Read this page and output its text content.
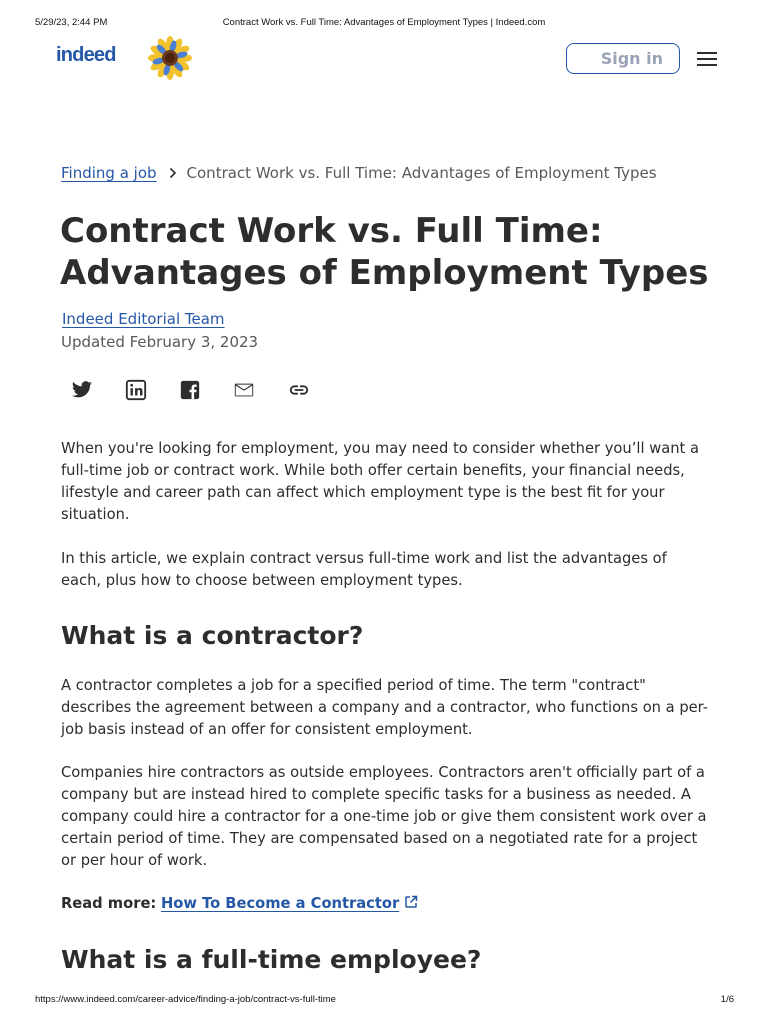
5/29/23, 2:44 PM	Contract Work vs. Full Time: Advantages of Employment Types | Indeed.com
indeed	Sign in
Finding a job Contract Work vs. Full Time: Advantages of Employment Types
Contract Work vs. Full Time: Advantages of Employment Types
Indeed Editorial Team
Updated February 3, 2023

When you're looking for employment, you may need to consider whether you’ll want a full-time job or contract work. While both offer certain benefits, your financial needs, lifestyle and career path can affect which employment type is the best fit for your situation.

In this article, we explain contract versus full-time work and list the advantages of each, plus how to choose between employment types.

What is a contractor?

A contractor completes a job for a specified period of time. The term "contract" describes the agreement between a company and a contractor, who functions on a per-job basis instead of an offer for consistent employment.

Companies hire contractors as outside employees. Contractors aren't officially part of a company but are instead hired to complete specific tasks for a business as needed. A company could hire a contractor for a one-time job or give them consistent work over a certain period of time. They are compensated based on a negotiated rate for a project or per hour of work.

Read more: How To Become a Contractor
What is a full-time employee?
https://www.indeed.com/career-advice/finding-a-job/contract-vs-full-time	1/6
